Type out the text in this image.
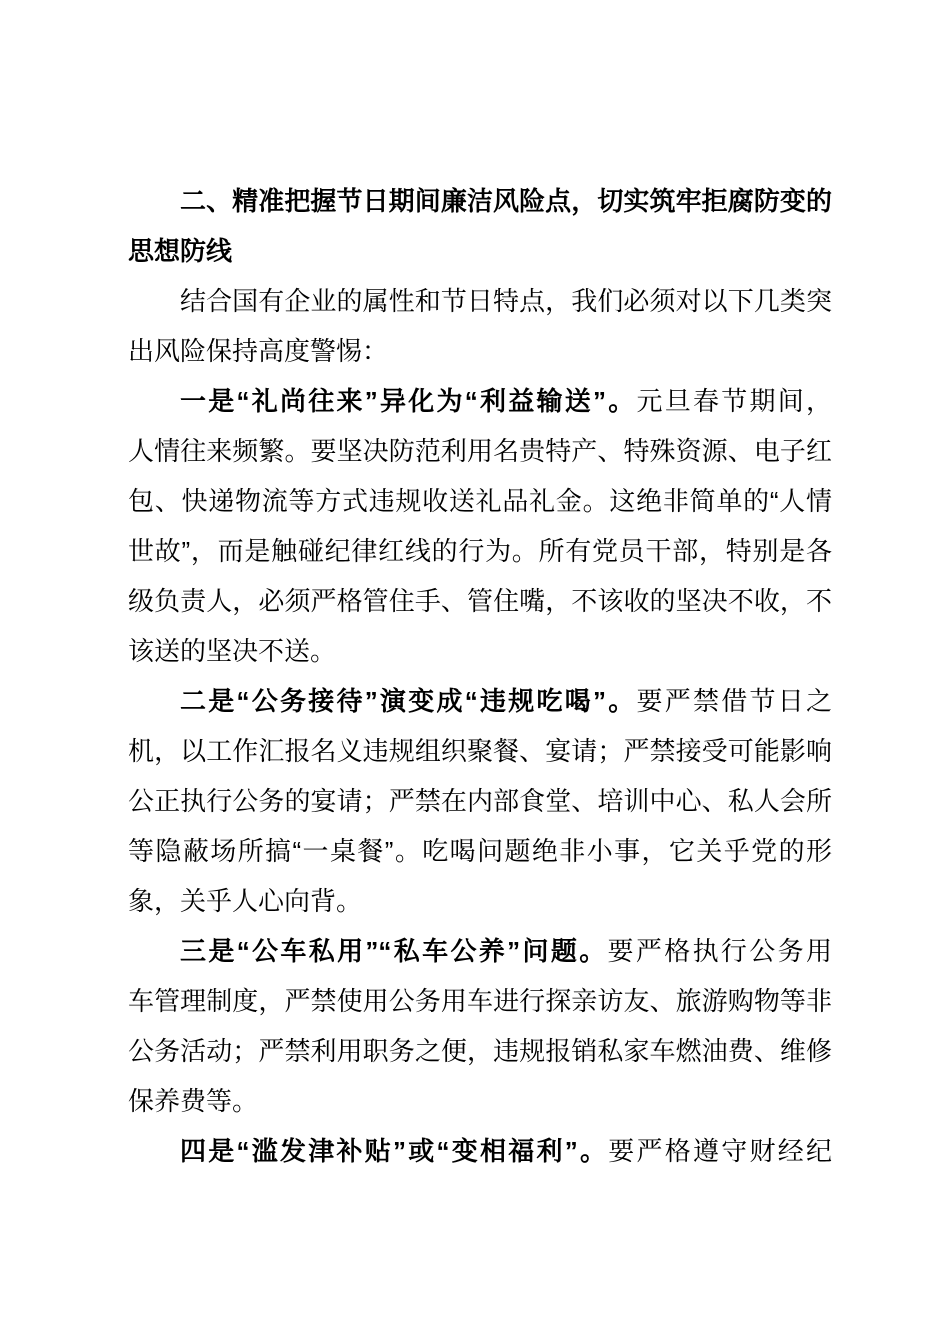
二、精准把握节日期间廉洁风险点，切实筑牢拒腐防变的
思想防线
结合国有企业的属性和节日特点，我们必须对以下几类突
出风险保持高度警惕：
一是“礼尚往来”异化为“利益输送”。元旦春节期间，
人情往来频繁。要坚决防范利用名贵特产、特殊资源、电子红
包、快递物流等方式违规收送礼品礼金。这绝非简单的“人情
世故”，而是触碰纪律红线的行为。所有党员干部，特别是各
级负责人，必须严格管住手、管住嘴，不该收的坚决不收，不
该送的坚决不送。
二是“公务接待”演变成“违规吃喝”。要严禁借节日之
机，以工作汇报名义违规组织聚餐、宴请；严禁接受可能影响
公正执行公务的宴请；严禁在内部食堂、培训中心、私人会所
等隐蔽场所搞“一桌餐”。吃喝问题绝非小事，它关乎党的形
象，关乎人心向背。
三是“公车私用”“私车公养”问题。要严格执行公务用
车管理制度，严禁使用公务用车进行探亲访友、旅游购物等非
公务活动；严禁利用职务之便，违规报销私家车燃油费、维修
保养费等。
四是“滥发津补贴”或“变相福利”。要严格遵守财经纪
